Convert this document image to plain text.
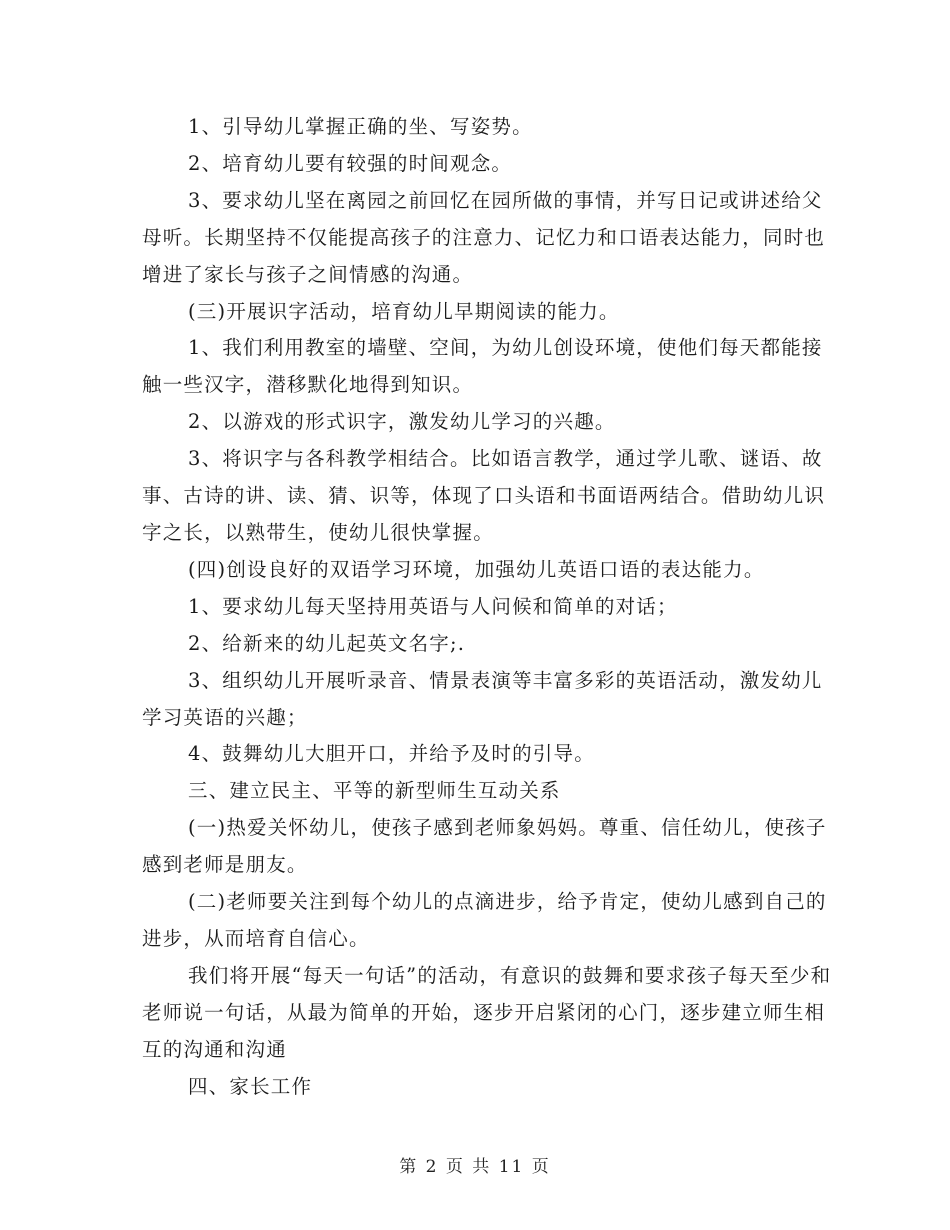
1、引导幼儿掌握正确的坐、写姿势。

2、培育幼儿要有较强的时间观念。

3、要求幼儿坚在离园之前回忆在园所做的事情，并写日记或讲述给父母听。长期坚持不仅能提高孩子的注意力、记忆力和口语表达能力，同时也增进了家长与孩子之间情感的沟通。

(三)开展识字活动，培育幼儿早期阅读的能力。

1、我们利用教室的墙壁、空间，为幼儿创设环境，使他们每天都能接触一些汉字，潜移默化地得到知识。

2、以游戏的形式识字，激发幼儿学习的兴趣。

3、将识字与各科教学相结合。比如语言教学，通过学儿歌、谜语、故事、古诗的讲、读、猜、识等，体现了口头语和书面语两结合。借助幼儿识字之长，以熟带生，使幼儿很快掌握。

(四)创设良好的双语学习环境，加强幼儿英语口语的表达能力。

1、要求幼儿每天坚持用英语与人问候和简单的对话；

2、给新来的幼儿起英文名字;.

3、组织幼儿开展听录音、情景表演等丰富多彩的英语活动，激发幼儿学习英语的兴趣；

4、鼓舞幼儿大胆开口，并给予及时的引导。

三、建立民主、平等的新型师生互动关系

(一)热爱关怀幼儿，使孩子感到老师象妈妈。尊重、信任幼儿，使孩子感到老师是朋友。

(二)老师要关注到每个幼儿的点滴进步，给予肯定，使幼儿感到自己的进步，从而培育自信心。

我们将开展“每天一句话”的活动，有意识的鼓舞和要求孩子每天至少和老师说一句话，从最为简单的开始，逐步开启紧闭的心门，逐步建立师生相互的沟通和沟通

四、家长工作

第 2 页 共 11 页
